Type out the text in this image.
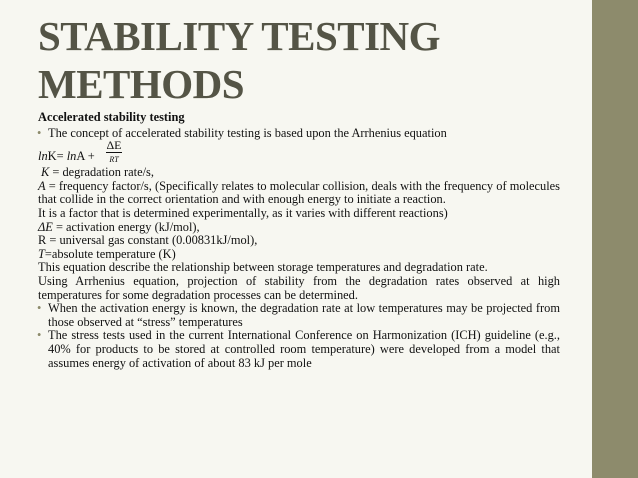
STABILITY TESTING
METHODS

Accelerated stability testing

• The concept of accelerated stability testing is based upon the Arrhenius equation

lnK= lnA +
ΔE
RT

K = degradation rate/s,

A = frequency factor/s, (Specifically relates to molecular collision, deals with the frequency of molecules that collide in the correct orientation and with enough energy to initiate a reaction.

It is a factor that is determined experimentally, as it varies with different reactions)

ΔE = activation energy (kJ/mol),

R = universal gas constant (0.00831kJ/mol),

T=absolute temperature (K)

This equation describe the relationship between storage temperatures and degradation rate.

Using Arrhenius equation, projection of stability from the degradation rates observed at high temperatures for some degradation processes can be determined.

• When the activation energy is known, the degradation rate at low temperatures may be projected from those observed at “stress” temperatures

• The stress tests used in the current International Conference on Harmonization (ICH) guideline (e.g., 40% for products to be stored at controlled room temperature) were developed from a model that assumes energy of activation of about 83 kJ per mole
